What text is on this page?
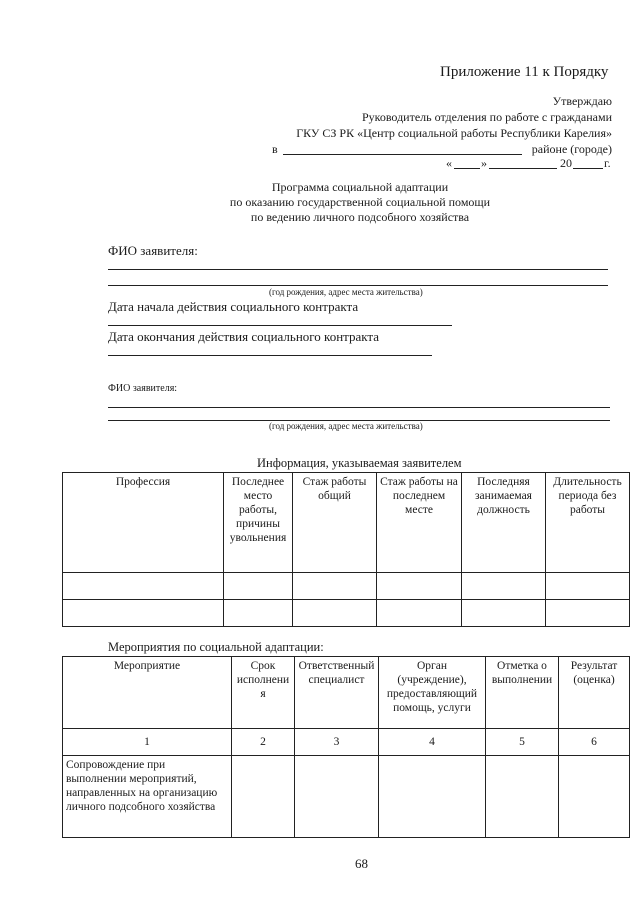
Приложение 11 к Порядку
Утверждаю
Руководитель отделения по работе с гражданами
ГКУ СЗ РК «Центр социальной работы Республики Карелия»
в	районе (городе)
« »	20	г.
Программа социальной адаптации
по оказанию государственной социальной помощи
по ведению личного подсобного хозяйства
ФИО заявителя:
(год рождения, адрес места жительства)
Дата начала действия социального контракта
Дата окончания действия социального контракта
ФИО заявителя:
(год рождения, адрес места жительства)
Информация, указываемая заявителем
Профессия	Последнее место работы, причины увольнения	Стаж работы общий	Стаж работы на последнем месте	Последняя занимаемая должность	Длительность периода без работы

Мероприятия по социальной адаптации:
Мероприятие	Срок исполнения	Ответственный специалист	Орган (учреждение), предоставляющий помощь, услуги	Отметка о выполнении	Результат (оценка)
1	2	3	4	5	6
Сопровождение при выполнении мероприятий, направленных на организацию личного подсобного хозяйства					
68
